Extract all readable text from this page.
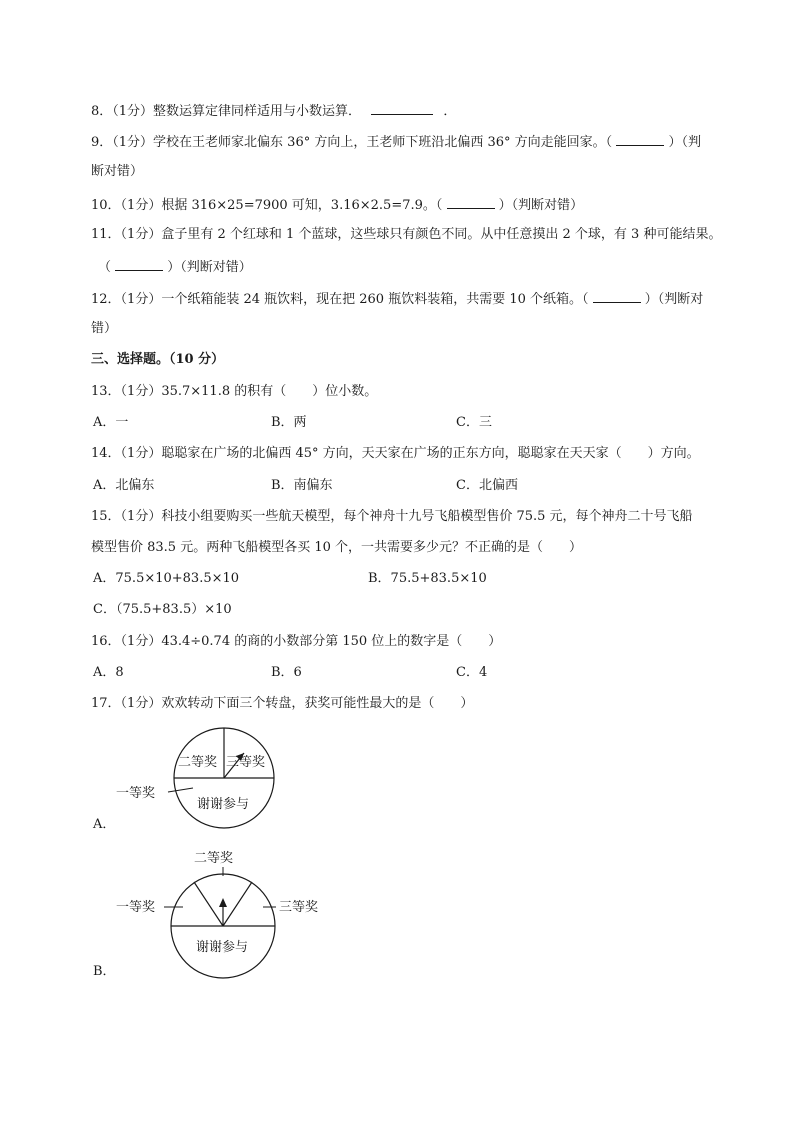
8．（1分）整数运算定律同样适用与小数运算．	．
9．（1分）学校在王老师家北偏东 36° 方向上，王老师下班沿北偏西 36° 方向走能回家。（	）（判
断对错）
10．（1分）根据 316×25=7900 可知，3.16×2.5=7.9。（	）（判断对错）
11．（1分）盒子里有 2 个红球和 1 个蓝球，这些球只有颜色不同。从中任意摸出 2 个球，有 3 种可能结果。
（	）（判断对错）
12．（1分）一个纸箱能装 24 瓶饮料，现在把 260 瓶饮料装箱，共需要 10 个纸箱。（	）（判断对
错）
三、选择题。（10 分）
13．（1分）35.7×11.8 的积有（　　）位小数。
A．一	B．两	C．三
14．（1分）聪聪家在广场的北偏西 45° 方向，天天家在广场的正东方向，聪聪家在天天家（　　）方向。
A．北偏东	B．南偏东	C．北偏西
15．（1分）科技小组要购买一些航天模型，每个神舟十九号飞船模型售价 75.5 元，每个神舟二十号飞船
模型售价 83.5 元。两种飞船模型各买 10 个，一共需要多少元？不正确的是（　　）
A．75.5×10+83.5×10	B．75.5+83.5×10
C．（75.5+83.5）×10
16．（1分）43.4÷0.74 的商的小数部分第 150 位上的数字是（　　）
A．8	B．6	C．4
17．（1分）欢欢转动下面三个转盘，获奖可能性最大的是（　　）
二等奖 三等奖
一等奖
谢谢参与
二等奖
一等奖	三等奖
谢谢参与
A．
B．
